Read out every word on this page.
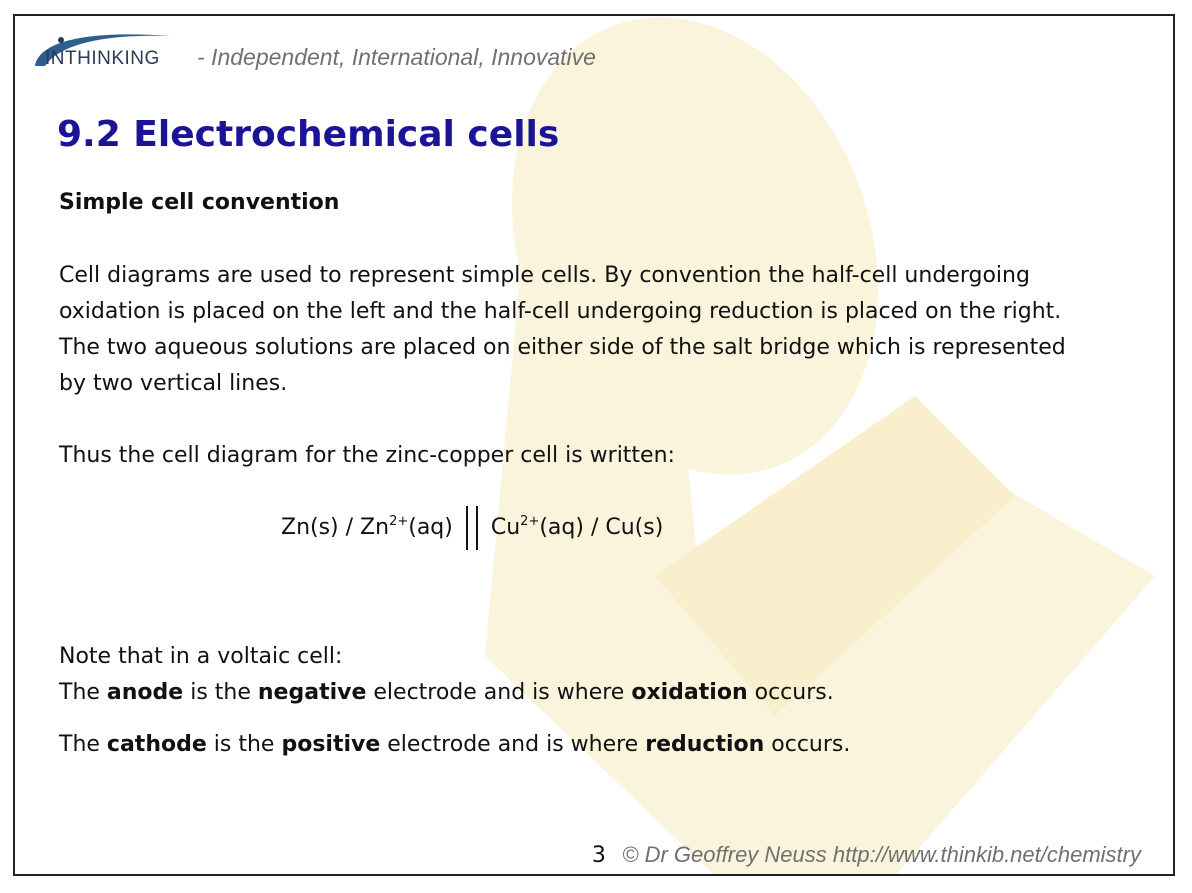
INTHINKING - Independent, International, Innovative
9.2 Electrochemical cells

Simple cell convention

Cell diagrams are used to represent simple cells. By convention the half-cell undergoing oxidation is placed on the left and the half-cell undergoing reduction is placed on the right. The two aqueous solutions are placed on either side of the salt bridge which is represented by two vertical lines.

Thus the cell diagram for the zinc-copper cell is written:

$Zn(s) / Zn^{2+}(aq)$ $Cu^{2+}(aq) / Cu(s)$

Note that in a voltaic cell:

The anode is the negative electrode and is where oxidation occurs.

The cathode is the positive electrode and is where reduction occurs.

3 © Dr Geoffrey Neuss http://www.thinkib.net/chemistry
